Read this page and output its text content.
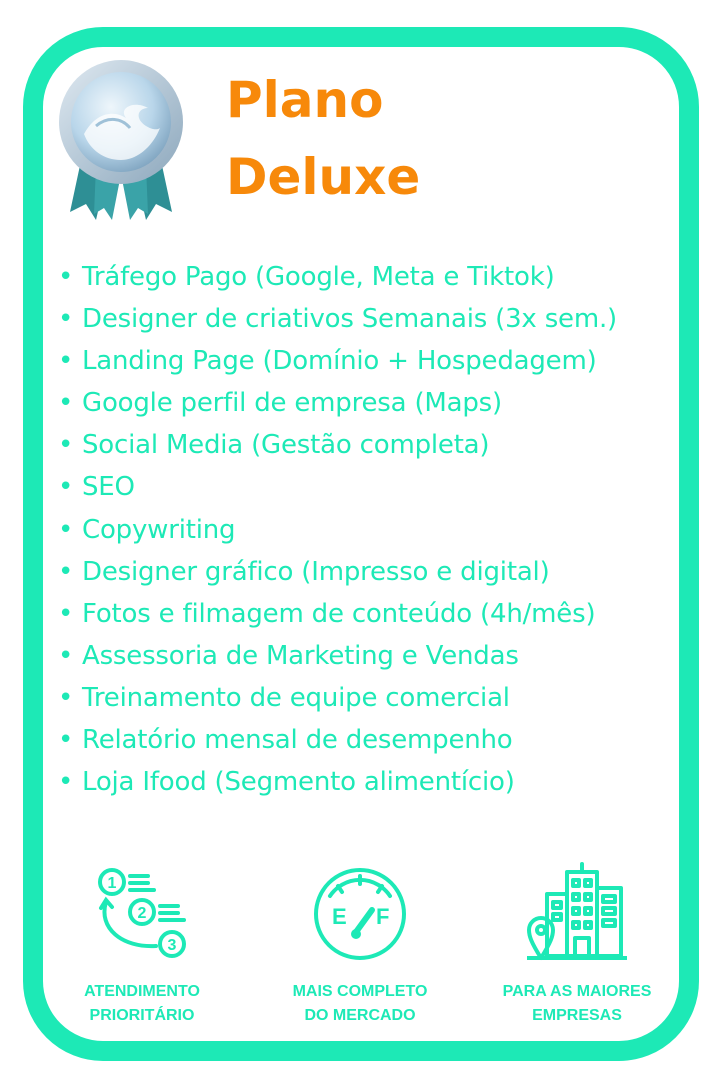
Plano
Deluxe
• Tráfego Pago (Google, Meta e Tiktok)
• Designer de criativos Semanais (3x sem.)
• Landing Page (Domínio + Hospedagem)
• Google perfil de empresa (Maps)
• Social Media (Gestão completa)
• SEO
• Copywriting
• Designer gráfico (Impresso e digital)
• Fotos e filmagem de conteúdo (4h/mês)
• Assessoria de Marketing e Vendas
• Treinamento de equipe comercial
• Relatório mensal de desempenho
• Loja Ifood (Segmento alimentício)
1
2
3
ATENDIMENTO
PRIORITÁRIO
E F
MAIS COMPLETO
DO MERCADO
PARA AS MAIORES
EMPRESAS
